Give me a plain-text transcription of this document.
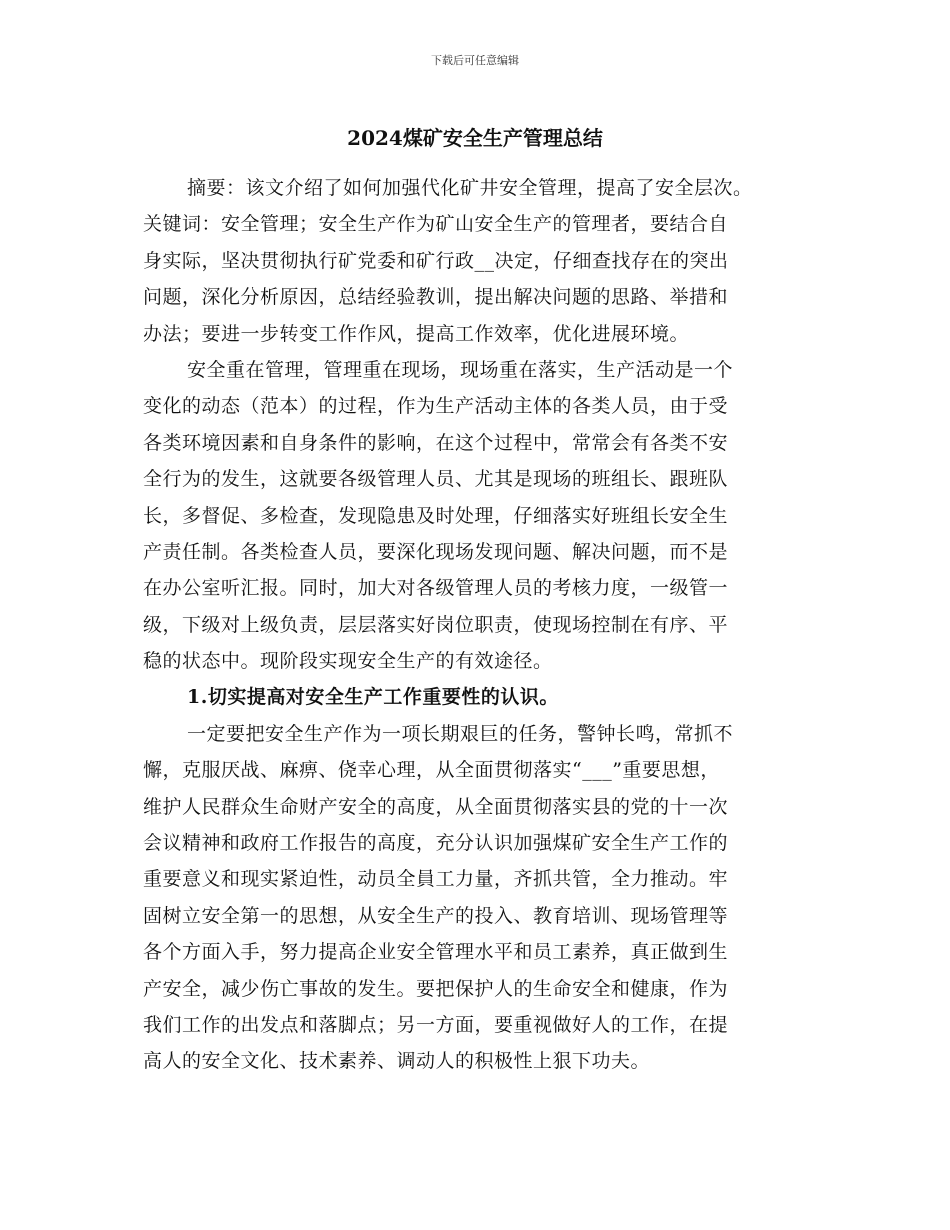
下载后可任意编辑
2024煤矿安全生产管理总结
摘要：该文介绍了如何加强代化矿井安全管理，提高了安全层次。
关键词：安全管理；安全生产作为矿山安全生产的管理者，要结合自
身实际，坚决贯彻执行矿党委和矿行政__决定，仔细查找存在的突出
问题，深化分析原因，总结经验教训，提出解决问题的思路、举措和
办法；要进一步转变工作作风，提高工作效率，优化进展环境。
安全重在管理，管理重在现场，现场重在落实，生产活动是一个
变化的动态（范本）的过程，作为生产活动主体的各类人员，由于受
各类环境因素和自身条件的影响，在这个过程中，常常会有各类不安
全行为的发生，这就要各级管理人员、尤其是现场的班组长、跟班队
长，多督促、多检查，发现隐患及时处理，仔细落实好班组长安全生
产责任制。各类检查人员，要深化现场发现问题、解决问题，而不是
在办公室听汇报。同时，加大对各级管理人员的考核力度，一级管一
级，下级对上级负责，层层落实好岗位职责，使现场控制在有序、平
稳的状态中。现阶段实现安全生产的有效途径。
1.切实提高对安全生产工作重要性的认识。
一定要把安全生产作为一项长期艰巨的任务，警钟长鸣，常抓不
懈，克服厌战、麻痹、侥幸心理，从全面贯彻落实“___”重要思想，
维护人民群众生命财产安全的高度，从全面贯彻落实县的党的十一次
会议精神和政府工作报告的高度，充分认识加强煤矿安全生产工作的
重要意义和现实紧迫性，动员全員工力量，齐抓共管，全力推动。牢
固树立安全第一的思想，从安全生产的投入、教育培训、现场管理等
各个方面入手，努力提高企业安全管理水平和员工素养，真正做到生
产安全，减少伤亡事故的发生。要把保护人的生命安全和健康，作为
我们工作的出发点和落脚点；另一方面，要重视做好人的工作，在提
高人的安全文化、技术素养、调动人的积极性上狠下功夫。
